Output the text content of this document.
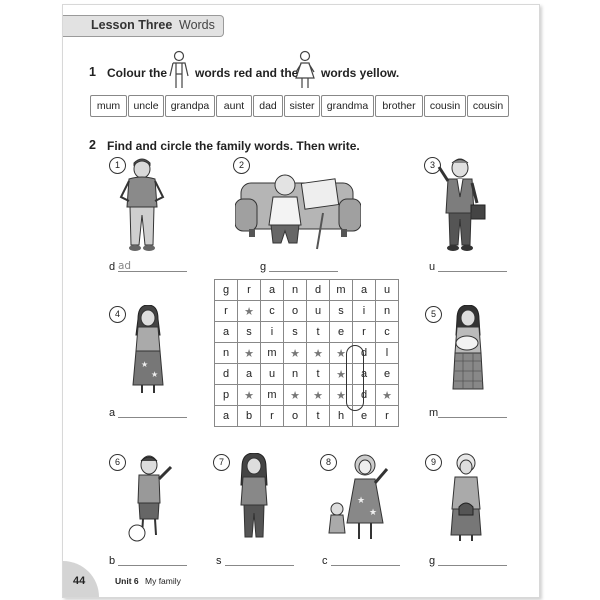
Lesson Three Words
1 Colour the words red and the words yellow.
mum	uncle	grandpa	aunt	dad	sister	grandma	brother	cousin	cousin
2 Find and circle the family words. Then write.
1	2	3
4	5
6	7	8	9
★
★
★
★
d ad	g	u
a	m
b	s	c	g
g	r	a	n	d	m	a	u
r	★	c	o	u	s	i	n
a	s	i	s	t	e	r	c
n	★	m	★	★	★	d	l
d	a	u	n	t	★	a	e
p	★	m	★	★	★	d	★
a	b	r	o	t	h	e	r
44	Unit 6 My family
